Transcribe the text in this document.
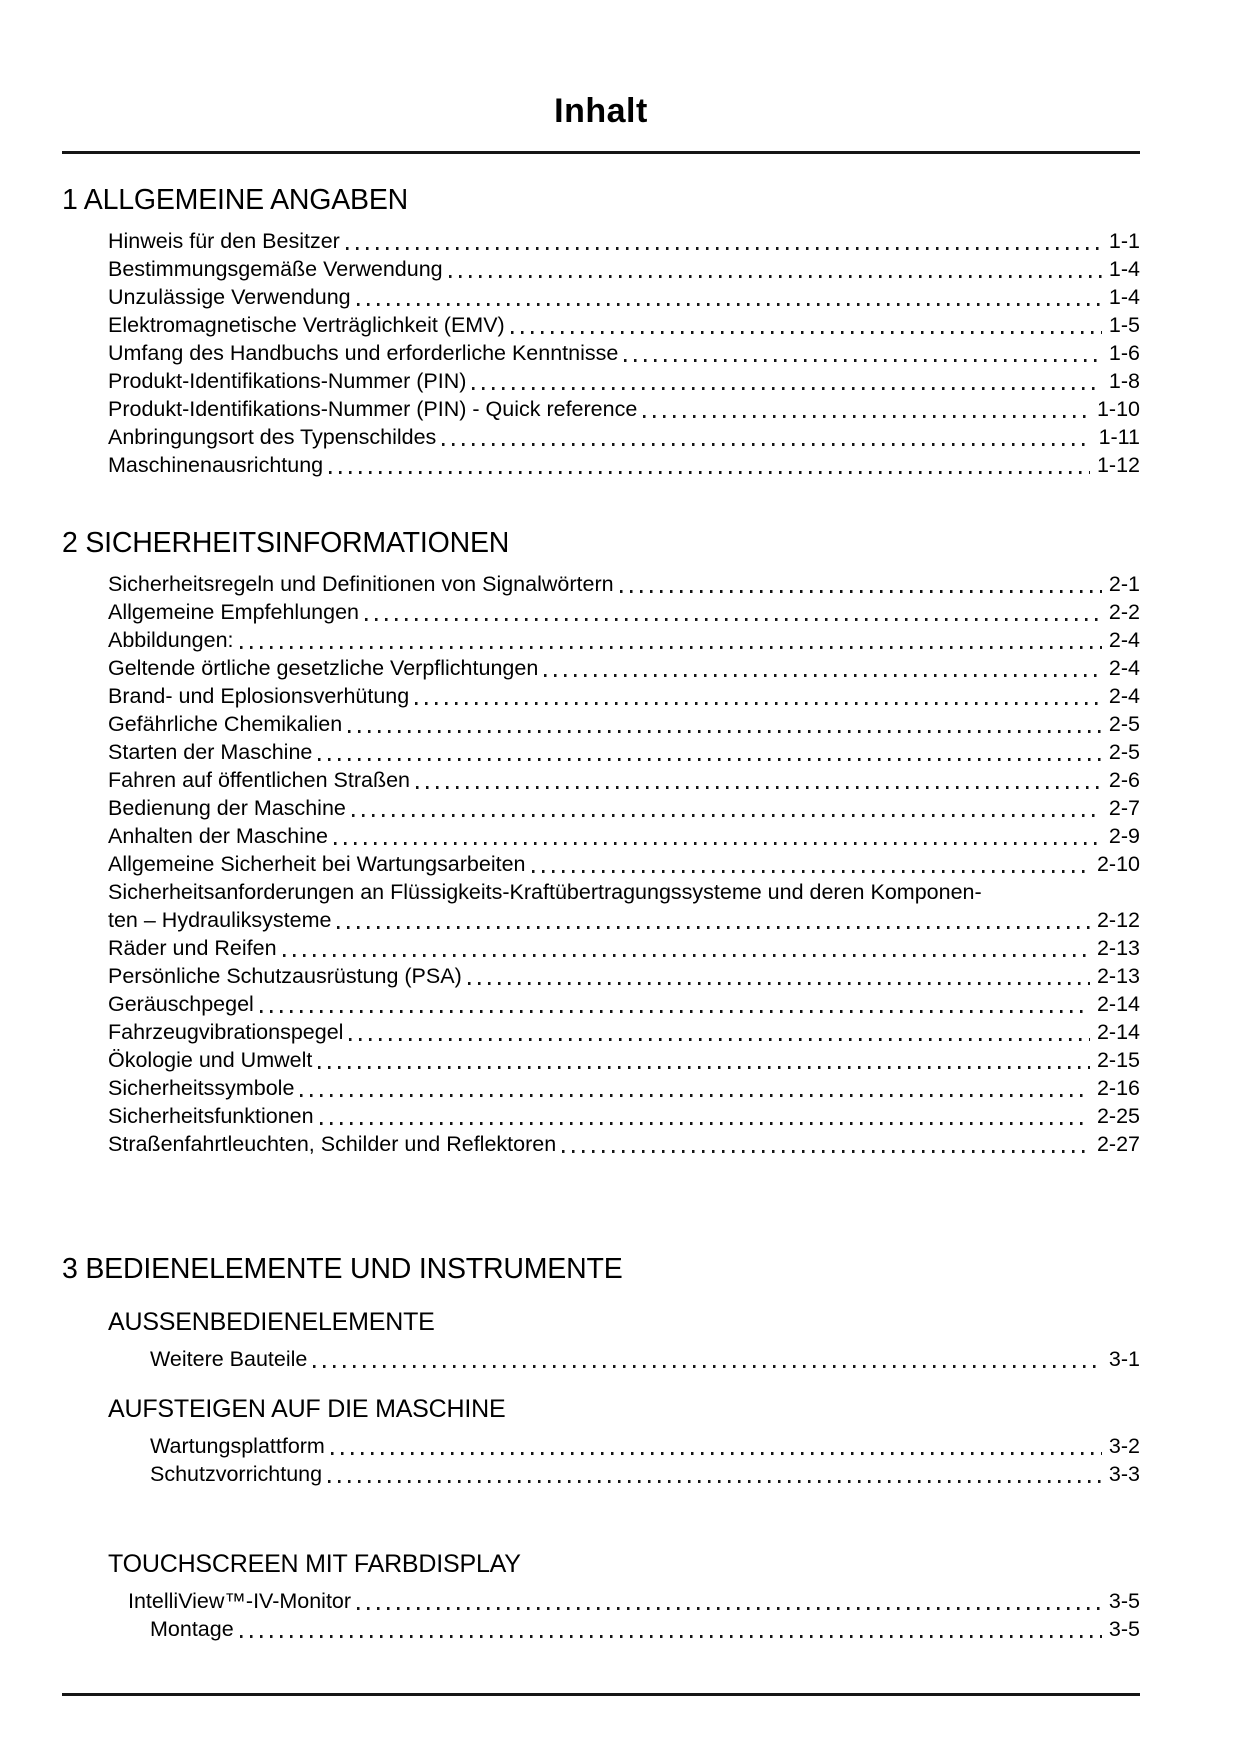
Inhalt
1 ALLGEMEINE ANGABEN
Hinweis für den Besitzer	1-1
Bestimmungsgemäße Verwendung	1-4
Unzulässige Verwendung	1-4
Elektromagnetische Verträglichkeit (EMV)	1-5
Umfang des Handbuchs und erforderliche Kenntnisse	1-6
Produkt-Identifikations-Nummer (PIN)	1-8
Produkt-Identifikations-Nummer (PIN) - Quick reference	1-10
Anbringungsort des Typenschildes	1-11
Maschinenausrichtung	1-12
2 SICHERHEITSINFORMATIONEN
Sicherheitsregeln und Definitionen von Signalwörtern	2-1
Allgemeine Empfehlungen	2-2
Abbildungen:	2-4
Geltende örtliche gesetzliche Verpflichtungen	2-4
Brand- und Eplosionsverhütung	2-4
Gefährliche Chemikalien	2-5
Starten der Maschine	2-5
Fahren auf öffentlichen Straßen	2-6
Bedienung der Maschine	2-7
Anhalten der Maschine	2-9
Allgemeine Sicherheit bei Wartungsarbeiten	2-10
Sicherheitsanforderungen an Flüssigkeits-Kraftübertragungssysteme und deren Komponen-
ten – Hydrauliksysteme	2-12
Räder und Reifen	2-13
Persönliche Schutzausrüstung (PSA)	2-13
Geräuschpegel	2-14
Fahrzeugvibrationspegel	2-14
Ökologie und Umwelt	2-15
Sicherheitssymbole	2-16
Sicherheitsfunktionen	2-25
Straßenfahrtleuchten, Schilder und Reflektoren	2-27
3 BEDIENELEMENTE UND INSTRUMENTE
AUSSENBEDIENELEMENTE
Weitere Bauteile	3-1
AUFSTEIGEN AUF DIE MASCHINE
Wartungsplattform	3-2
Schutzvorrichtung	3-3
TOUCHSCREEN MIT FARBDISPLAY
IntelliView™-IV-Monitor	3-5
Montage	3-5
